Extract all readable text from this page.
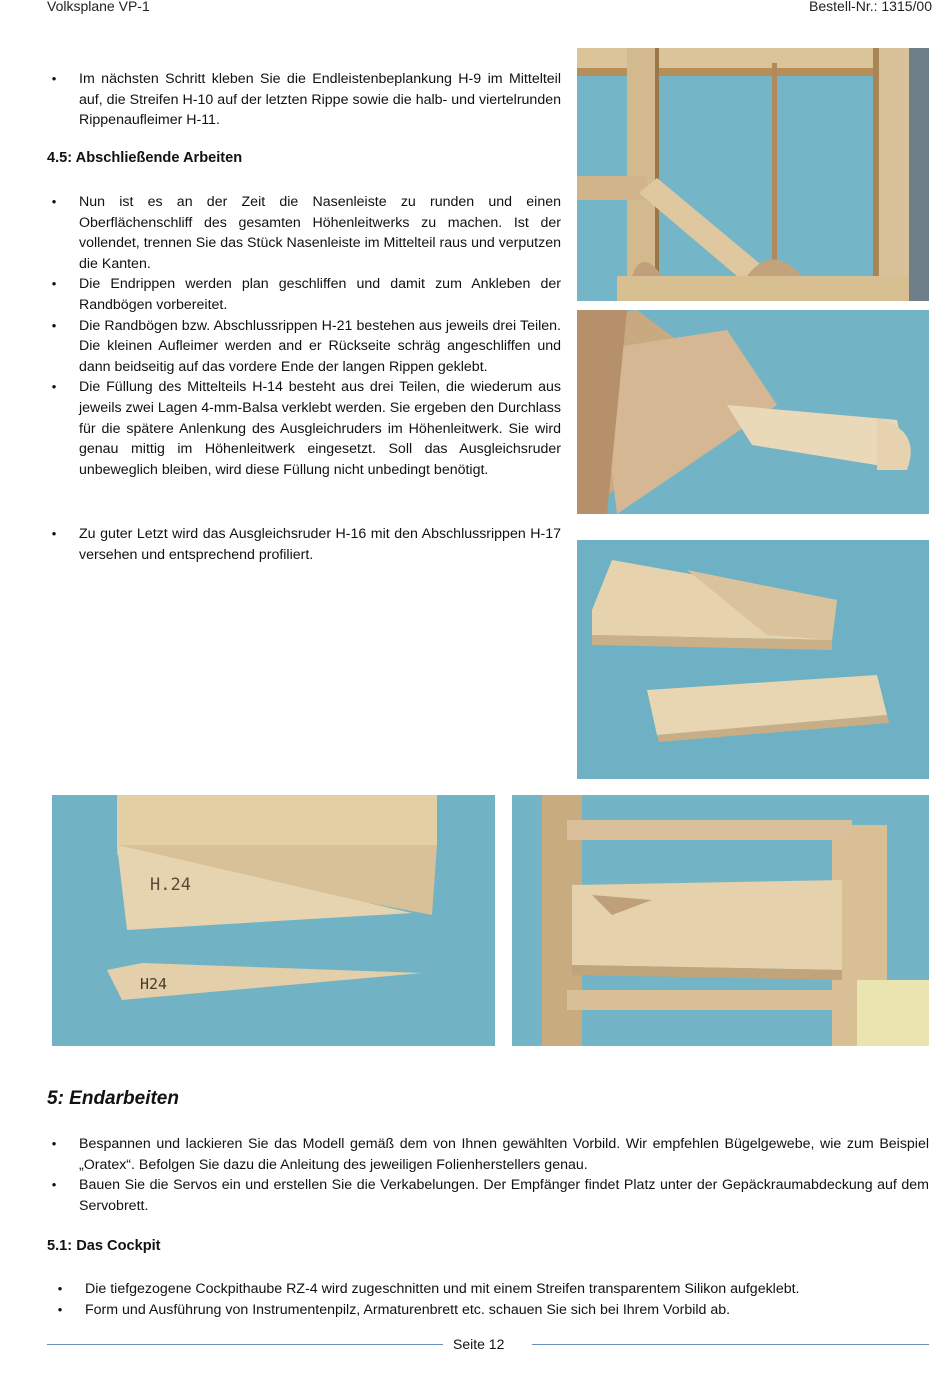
Volksplane VP-1	Bestell-Nr.: 1315/00
•	Im nächsten Schritt kleben Sie die Endleistenbeplankung H-9 im Mittelteil auf, die Streifen H-10 auf der letzten Rippe sowie die halb- und viertelrunden Rippenaufleimer H-11.
4.5: Abschließende Arbeiten
•	Nun ist es an der Zeit die Nasenleiste zu runden und einen Oberflächenschliff des gesamten Höhenleitwerks zu machen. Ist der vollendet, trennen Sie das Stück Nasenleiste im Mittelteil raus und verputzen die Kanten.
•	Die Endrippen werden plan geschliffen und damit zum Ankleben der Randbögen vorbereitet.
•	Die Randbögen bzw. Abschlussrippen H-21 bestehen aus jeweils drei Teilen. Die kleinen Aufleimer werden and er Rückseite schräg angeschliffen und dann beidseitig auf das vordere Ende der langen Rippen geklebt.
•	Die Füllung des Mittelteils H-14 besteht aus drei Teilen, die wiederum aus jeweils zwei Lagen 4-mm-Balsa verklebt werden. Sie ergeben den Durchlass für die spätere Anlenkung des Ausgleichruders im Höhenleitwerk. Sie wird genau mittig im Höhenleitwerk eingesetzt. Soll das Ausgleichsruder unbeweglich bleiben, wird diese Füllung nicht unbedingt benötigt.
•	Zu guter Letzt wird das Ausgleichsruder H-16 mit den Abschlussrippen H-17 versehen und entsprechend profiliert.
H.24
H24
5: Endarbeiten
•	Bespannen und lackieren Sie das Modell gemäß dem von Ihnen gewählten Vorbild. Wir empfehlen Bügelgewebe, wie zum Beispiel „Oratex“. Befolgen Sie dazu die Anleitung des jeweiligen Folienherstellers genau.
•	Bauen Sie die Servos ein und erstellen Sie die Verkabelungen. Der Empfänger findet Platz unter der Gepäckraumabdeckung auf dem Servobrett.
5.1: Das Cockpit
•	Die tiefgezogene Cockpithaube RZ-4 wird zugeschnitten und mit einem Streifen transparentem Silikon aufgeklebt.
•	Form und Ausführung von Instrumentenpilz, Armaturenbrett etc. schauen Sie sich bei Ihrem Vorbild ab.
Seite 12
